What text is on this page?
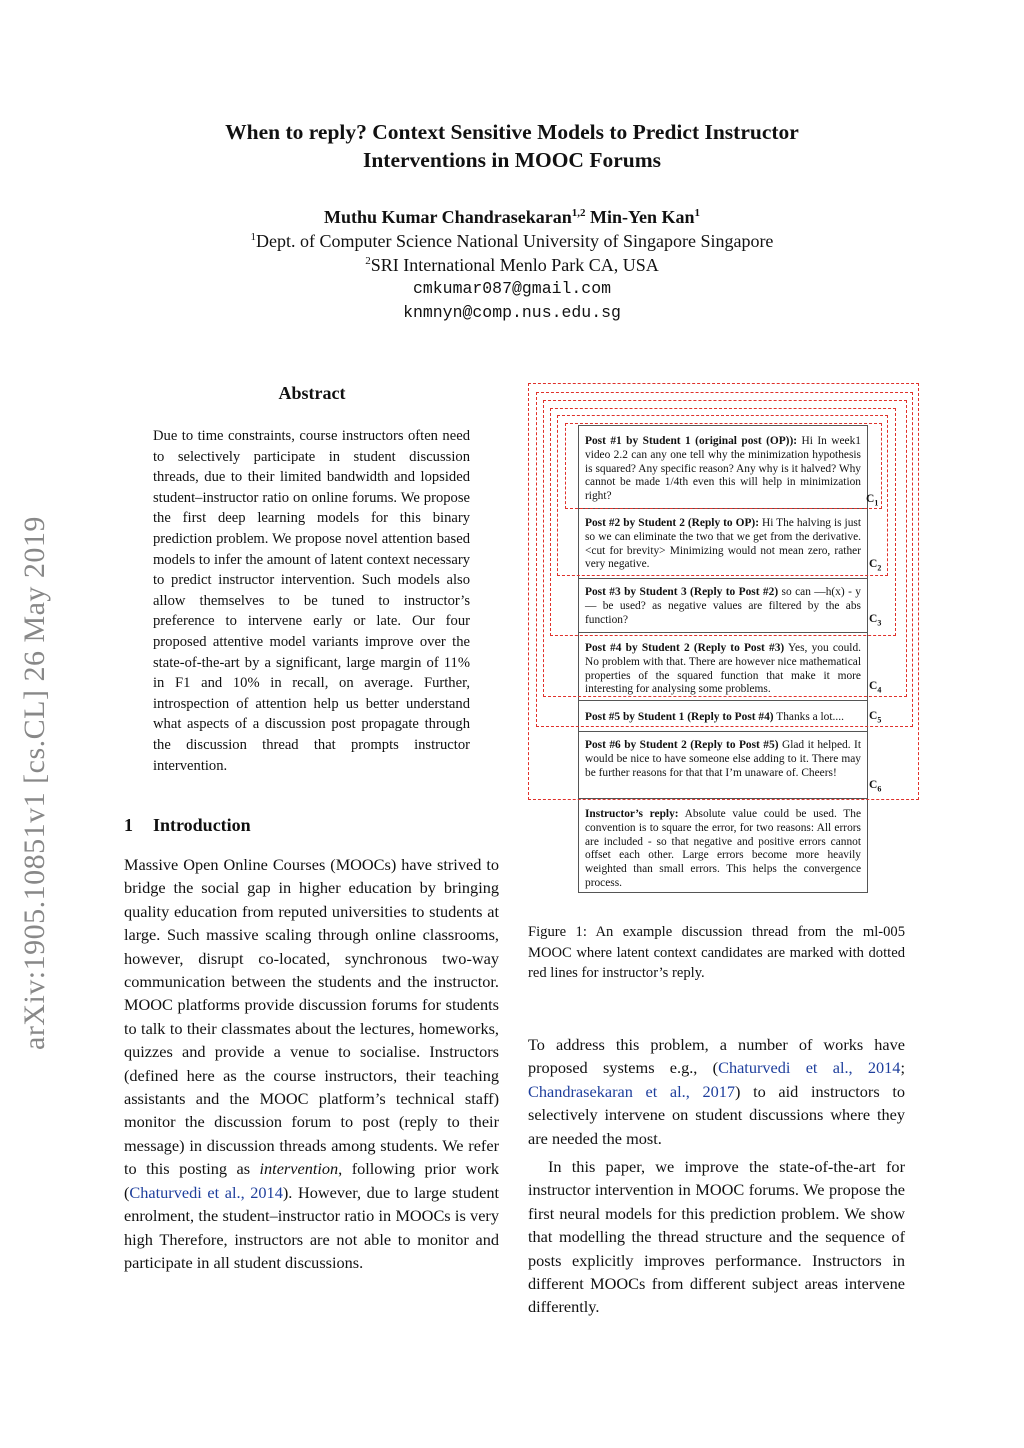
When to reply? Context Sensitive Models to Predict Instructor
Interventions in MOOC Forums
Muthu Kumar Chandrasekaran$^{1,2}$ Min-Yen Kan$^1$
$^1$Dept. of Computer Science National University of Singapore Singapore
$^2$SRI International Menlo Park CA, USA
cmkumar087@gmail.com
knmnyn@comp.nus.edu.sg
arXiv:1905.10851v1 [cs.CL] 26 May 2019
Abstract
Due to time constraints, course instructors often need to selectively participate in student discussion threads, due to their limited bandwidth and lopsided student–instructor ratio on online forums. We propose the first deep learning models for this binary prediction problem. We propose novel attention based models to infer the amount of latent context necessary to predict instructor intervention. Such models also allow themselves to be tuned to instructor’s preference to intervene early or late. Our four proposed attentive model variants improve over the state-of-the-art by a significant, large margin of 11% in F1 and 10% in recall, on average. Further, introspection of attention help us better understand what aspects of a discussion post propagate through the discussion thread that prompts instructor intervention.
1 Introduction
Massive Open Online Courses (MOOCs) have strived to bridge the social gap in higher education by bringing quality education from reputed universities to students at large. Such massive scaling through online classrooms, however, disrupt co-located, synchronous two-way communication between the students and the instructor. MOOC platforms provide discussion forums for students to talk to their classmates about the lectures, homeworks, quizzes and provide a venue to socialise. Instructors (defined here as the course instructors, their teaching assistants and the MOOC platform’s technical staff) monitor the discussion forum to post (reply to their message) in discussion threads among students. We refer to this posting as intervention, following prior work (Chaturvedi et al., 2014). However, due to large student enrolment, the student–instructor ratio in MOOCs is very high Therefore, instructors are not able to monitor and participate in all student discussions.
Post #1 by Student 1 (original post (OP)): Hi In week1 video 2.2 can any one tell why the minimization hypothesis is squared? Any specific reason? Any why is it halved? Why cannot be made 1/4th even this will help in minimization right?
Post #2 by Student 2 (Reply to OP): Hi The halving is just so we can eliminate the two that we get from the derivative. <cut for brevity> Minimizing would not mean zero, rather very negative.
Post #3 by Student 3 (Reply to Post #2) so can —h(x) - y— be used? as negative values are filtered by the abs function?
Post #4 by Student 2 (Reply to Post #3) Yes, you could. No problem with that. There are however nice mathematical properties of the squared function that make it more interesting for analysing some problems.
Post #5 by Student 1 (Reply to Post #4) Thanks a lot....
Post #6 by Student 2 (Reply to Post #5) Glad it helped. It would be nice to have someone else adding to it. There may be further reasons for that that I’m unaware of. Cheers!
Instructor’s reply: Absolute value could be used. The convention is to square the error, for two reasons: All errors are included - so that negative and positive errors cannot offset each other. Large errors become more heavily weighted than small errors. This helps the convergence process.
$C_1$
$C_2$
$C_3$
$C_4$
$C_5$
$C_6$
Figure 1: An example discussion thread from the ml-005 MOOC where latent context candidates are marked with dotted red lines for instructor’s reply.
To address this problem, a number of works have proposed systems e.g., (Chaturvedi et al., 2014; Chandrasekaran et al., 2017) to aid instructors to selectively intervene on student discussions where they are needed the most.
In this paper, we improve the state-of-the-art for instructor intervention in MOOC forums. We propose the first neural models for this prediction problem. We show that modelling the thread structure and the sequence of posts explicitly improves performance. Instructors in different MOOCs from different subject areas intervene differently.
